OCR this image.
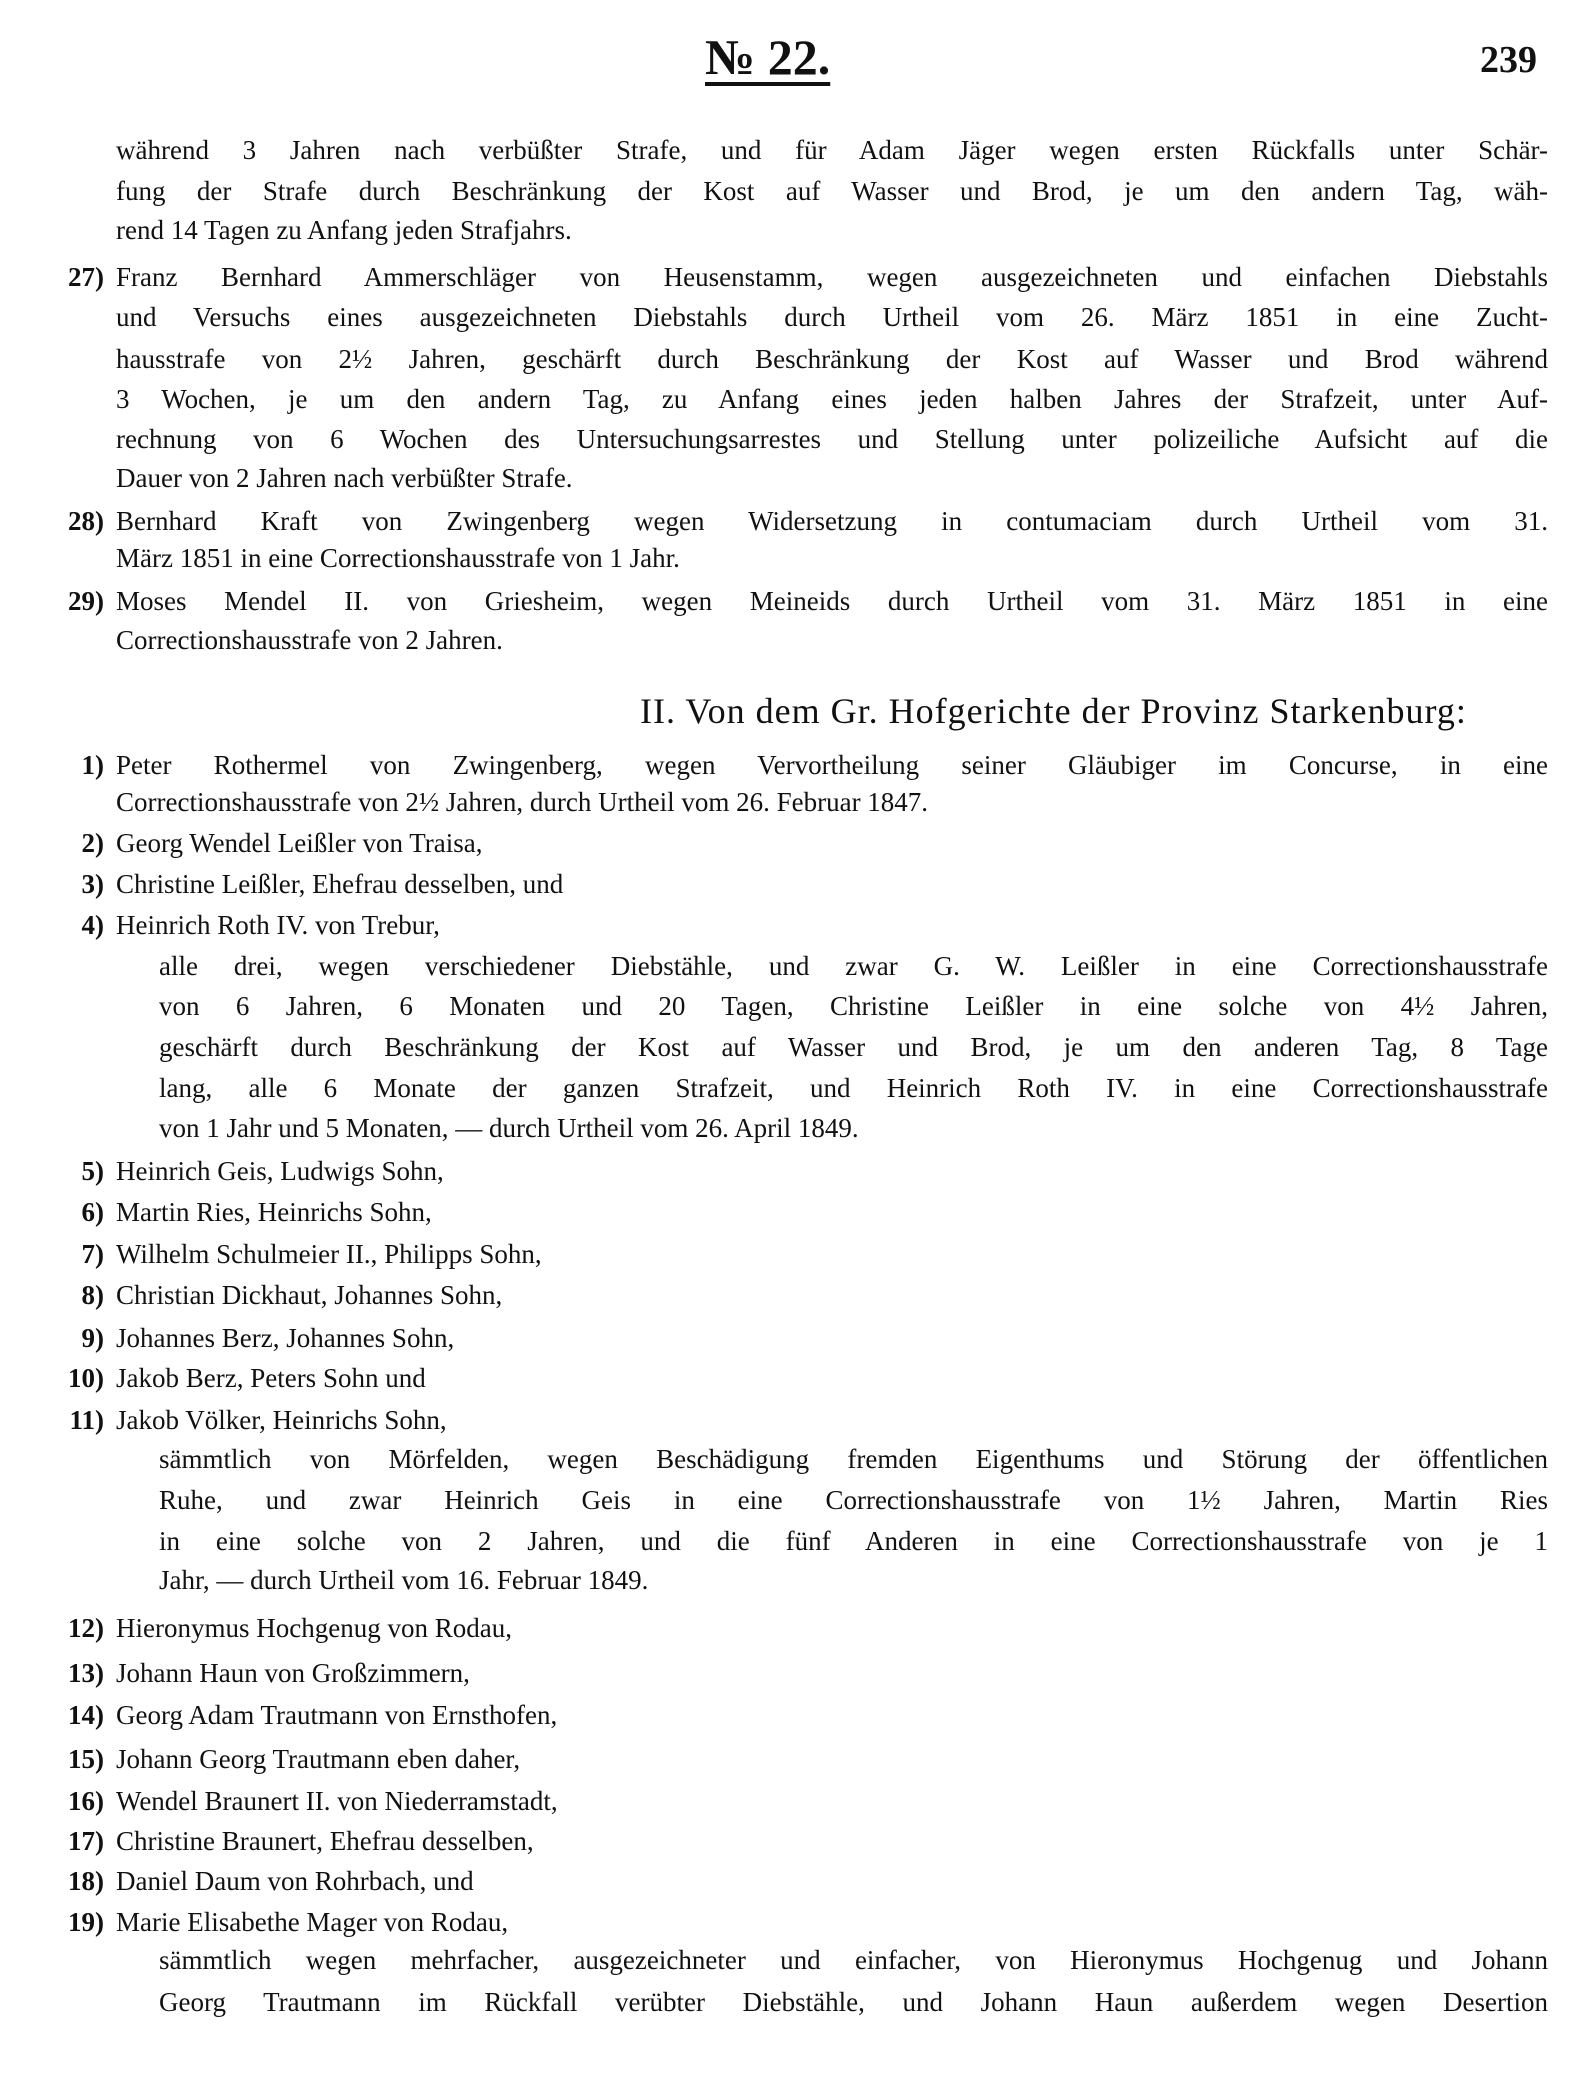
№ 22.	239
II. Von dem Gr. Hofgerichte der Provinz Starkenburg:
während 3 Jahren nach verbüßter Strafe, und für Adam Jäger wegen ersten Rückfalls unter Schär-
fung der Strafe durch Beschränkung der Kost auf Wasser und Brod, je um den andern Tag, wäh-
rend 14 Tagen zu Anfang jeden Strafjahrs.
27) Franz Bernhard Ammerschläger von Heusenstamm, wegen ausgezeichneten und einfachen Diebstahls
und Versuchs eines ausgezeichneten Diebstahls durch Urtheil vom 26. März 1851 in eine Zucht-
hausstrafe von 2½ Jahren, geschärft durch Beschränkung der Kost auf Wasser und Brod während
3 Wochen, je um den andern Tag, zu Anfang eines jeden halben Jahres der Strafzeit, unter Auf-
rechnung von 6 Wochen des Untersuchungsarrestes und Stellung unter polizeiliche Aufsicht auf die
Dauer von 2 Jahren nach verbüßter Strafe.
28) Bernhard Kraft von Zwingenberg wegen Widersetzung in contumaciam durch Urtheil vom 31.
März 1851 in eine Correctionshausstrafe von 1 Jahr.
29) Moses Mendel II. von Griesheim, wegen Meineids durch Urtheil vom 31. März 1851 in eine
Correctionshausstrafe von 2 Jahren.
1) Peter Rothermel von Zwingenberg, wegen Vervortheilung seiner Gläubiger im Concurse, in eine
Correctionshausstrafe von 2½ Jahren, durch Urtheil vom 26. Februar 1847.
2) Georg Wendel Leißler von Traisa,
3) Christine Leißler, Ehefrau desselben, und
4) Heinrich Roth IV. von Trebur,
alle drei, wegen verschiedener Diebstähle, und zwar G. W. Leißler in eine Correctionshausstrafe
von 6 Jahren, 6 Monaten und 20 Tagen, Christine Leißler in eine solche von 4½ Jahren,
geschärft durch Beschränkung der Kost auf Wasser und Brod, je um den anderen Tag, 8 Tage
lang, alle 6 Monate der ganzen Strafzeit, und Heinrich Roth IV. in eine Correctionshausstrafe
von 1 Jahr und 5 Monaten, — durch Urtheil vom 26. April 1849.
5) Heinrich Geis, Ludwigs Sohn,
6) Martin Ries, Heinrichs Sohn,
7) Wilhelm Schulmeier II., Philipps Sohn,
8) Christian Dickhaut, Johannes Sohn,
9) Johannes Berz, Johannes Sohn,
10) Jakob Berz, Peters Sohn und
11) Jakob Völker, Heinrichs Sohn,
sämmtlich von Mörfelden, wegen Beschädigung fremden Eigenthums und Störung der öffentlichen
Ruhe, und zwar Heinrich Geis in eine Correctionshausstrafe von 1½ Jahren, Martin Ries
in eine solche von 2 Jahren, und die fünf Anderen in eine Correctionshausstrafe von je 1
Jahr, — durch Urtheil vom 16. Februar 1849.
12) Hieronymus Hochgenug von Rodau,
13) Johann Haun von Großzimmern,
14) Georg Adam Trautmann von Ernsthofen,
15) Johann Georg Trautmann eben daher,
16) Wendel Braunert II. von Niederramstadt,
17) Christine Braunert, Ehefrau desselben,
18) Daniel Daum von Rohrbach, und
19) Marie Elisabethe Mager von Rodau,
sämmtlich wegen mehrfacher, ausgezeichneter und einfacher, von Hieronymus Hochgenug und Johann
Georg Trautmann im Rückfall verübter Diebstähle, und Johann Haun außerdem wegen Desertion
